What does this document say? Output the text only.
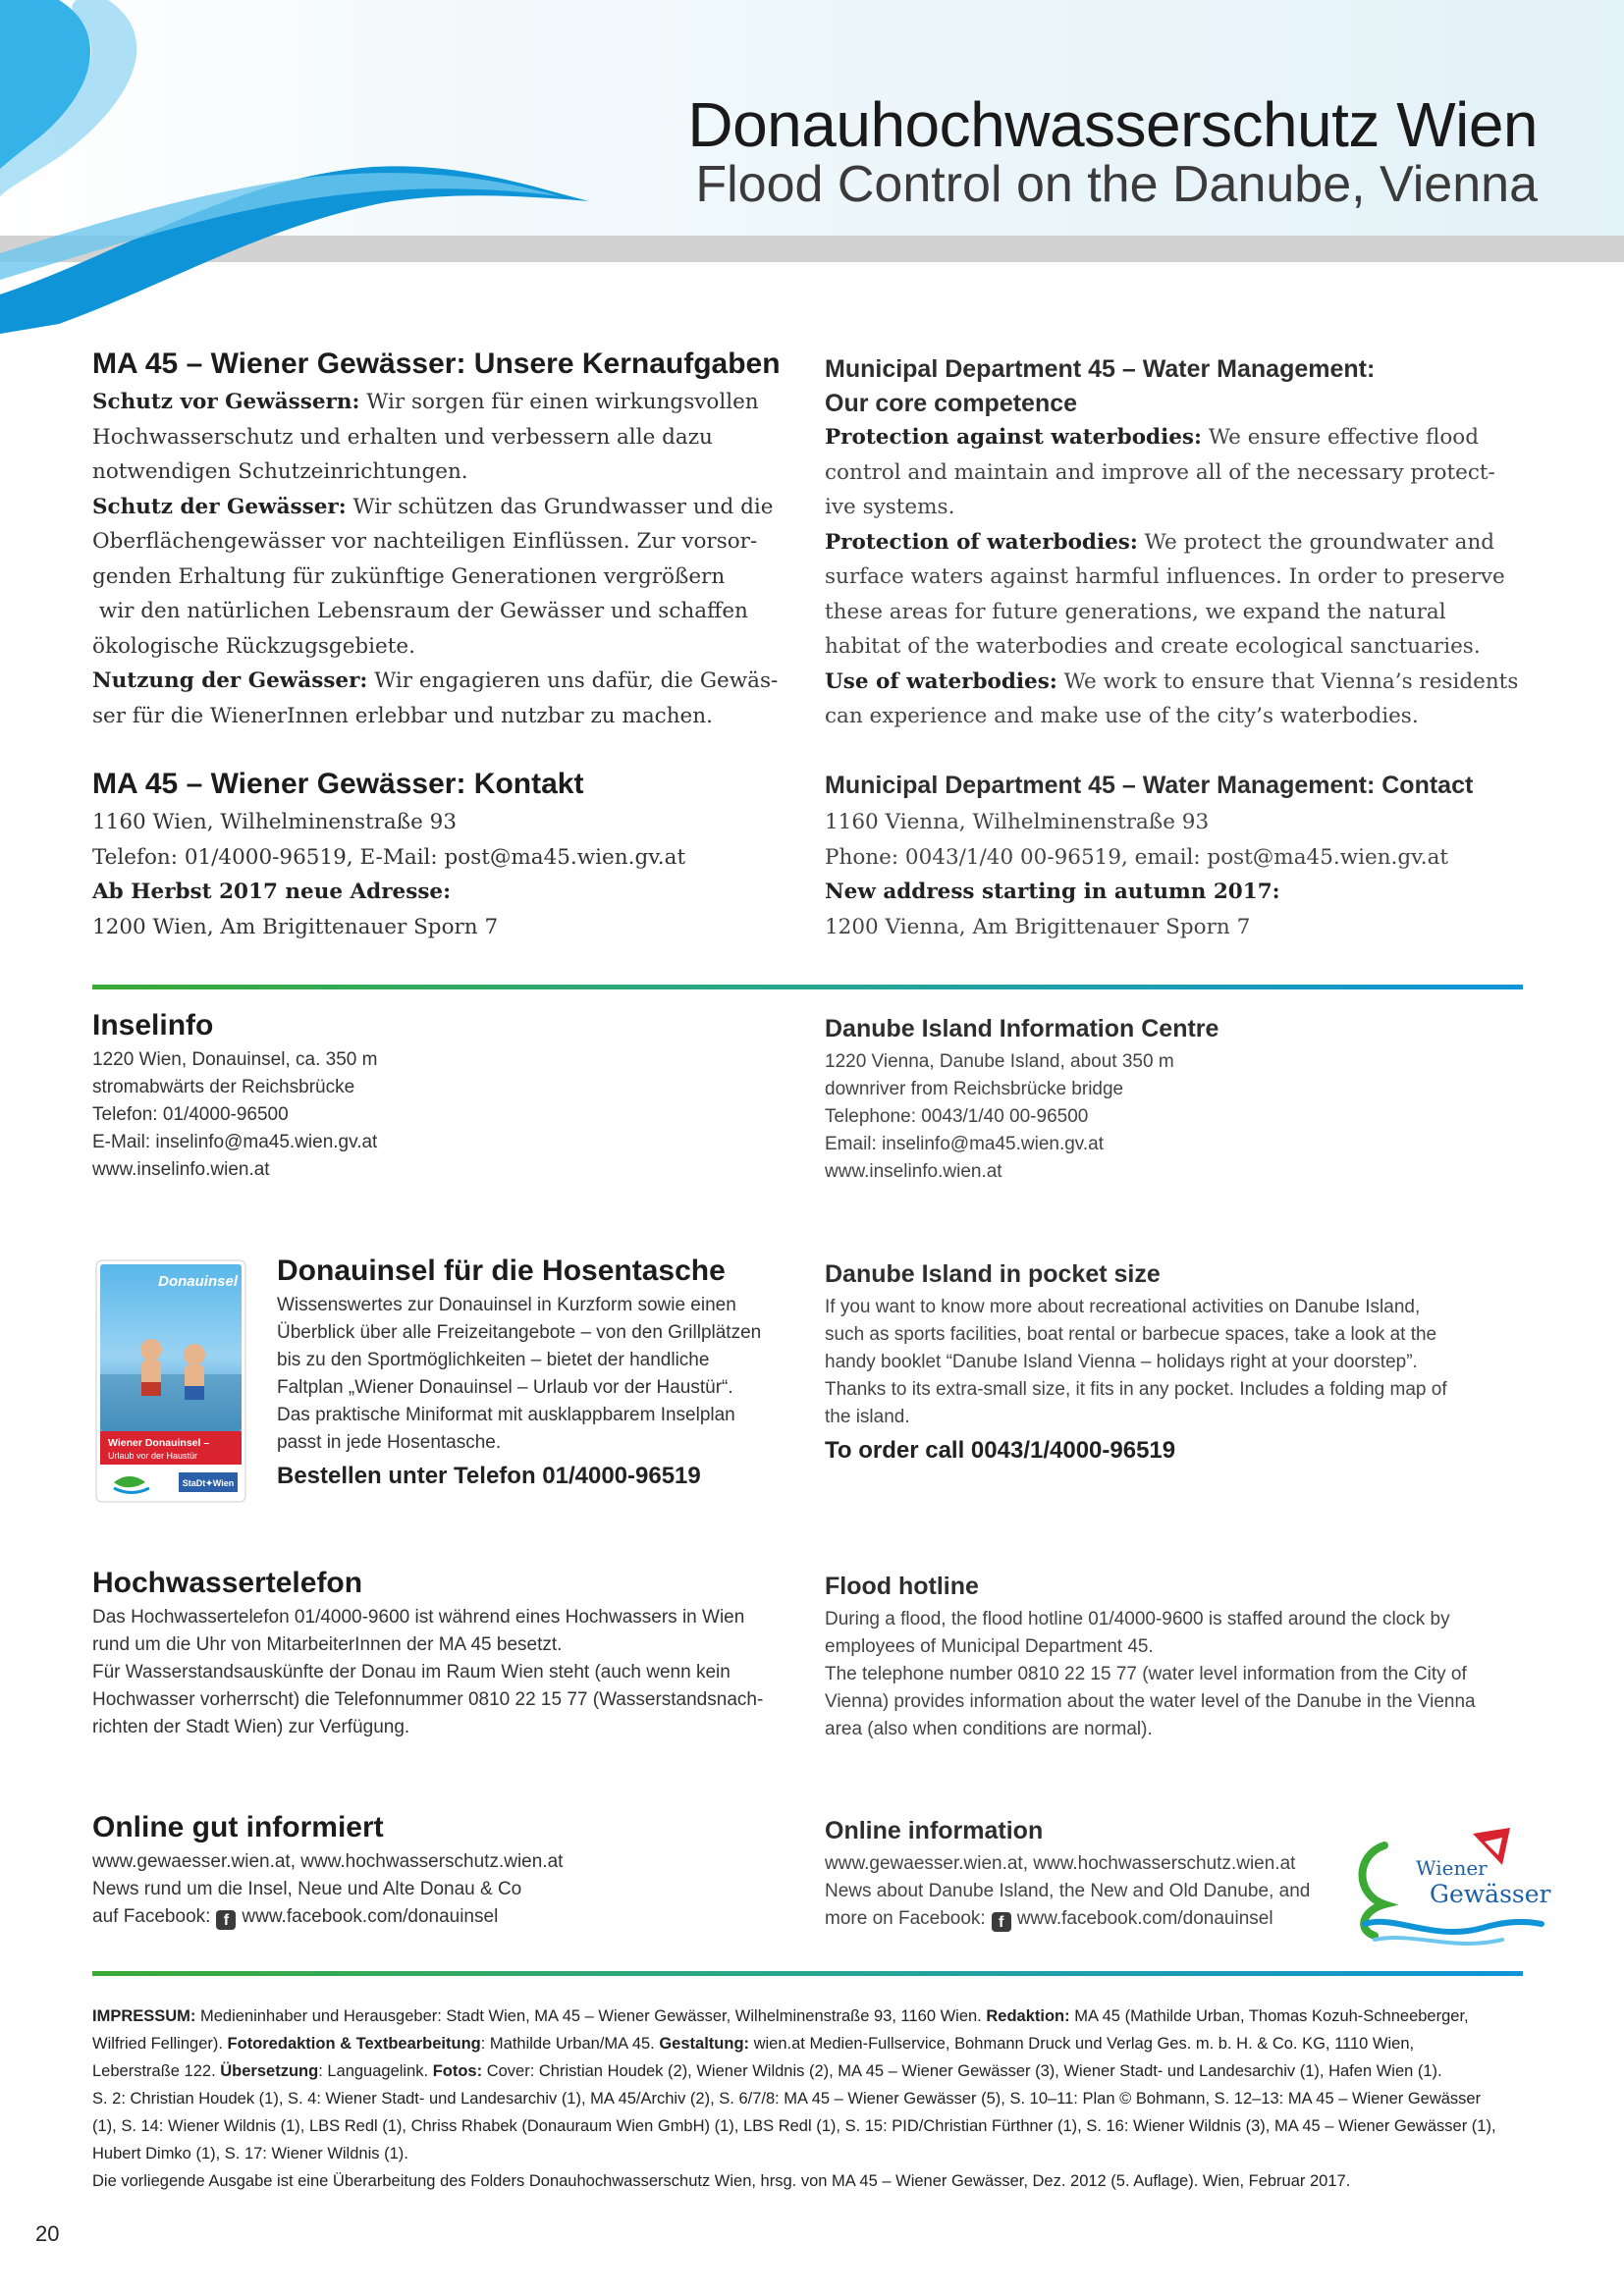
Donauhochwasserschutz Wien
Flood Control on the Danube, Vienna
MA 45 – Wiener Gewässer: Unsere Kernaufgaben
Schutz vor Gewässern: Wir sorgen für einen wirkungsvollen
Hochwasserschutz und erhalten und verbessern alle dazu
notwendigen Schutzeinrichtungen.
Schutz der Gewässer: Wir schützen das Grundwasser und die
Oberflächengewässer vor nachteiligen Einflüssen. Zur vorsor-
genden Erhaltung für zukünftige Generationen vergrößern
wir den natürlichen Lebensraum der Gewässer und schaffen
ökologische Rückzugsgebiete.
Nutzung der Gewässer: Wir engagieren uns dafür, die Gewäs-
ser für die WienerInnen erlebbar und nutzbar zu machen.
Municipal Department 45 – Water Management:
Our core competence
Protection against waterbodies: We ensure effective flood
control and maintain and improve all of the necessary protect-
ive systems.
Protection of waterbodies: We protect the groundwater and
surface waters against harmful influences. In order to preserve
these areas for future generations, we expand the natural
habitat of the waterbodies and create ecological sanctuaries.
Use of waterbodies: We work to ensure that Vienna’s residents
can experience and make use of the city’s waterbodies.
MA 45 – Wiener Gewässer: Kontakt
1160 Wien, Wilhelminenstraße 93
Telefon: 01/4000-96519, E-Mail: post@ma45.wien.gv.at
Ab Herbst 2017 neue Adresse:
1200 Wien, Am Brigittenauer Sporn 7
Municipal Department 45 – Water Management: Contact
1160 Vienna, Wilhelminenstraße 93
Phone: 0043/1/40 00-96519, email: post@ma45.wien.gv.at
New address starting in autumn 2017:
1200 Vienna, Am Brigittenauer Sporn 7
Inselinfo
1220 Wien, Donauinsel, ca. 350 m
stromabwärts der Reichsbrücke
Telefon: 01/4000-96500
E-Mail: inselinfo@ma45.wien.gv.at
www.inselinfo.wien.at
Danube Island Information Centre
1220 Vienna, Danube Island, about 350 m
downriver from Reichsbrücke bridge
Telephone: 0043/1/40 00-96500
Email: inselinfo@ma45.wien.gv.at
www.inselinfo.wien.at
Donauinsel
Wiener Donauinsel –
Urlaub vor der Haustür
StaDt✦Wien
Donauinsel für die Hosentasche
Wissenswertes zur Donauinsel in Kurzform sowie einen
Überblick über alle Freizeitangebote – von den Grillplätzen
bis zu den Sportmöglichkeiten – bietet der handliche
Faltplan „Wiener Donauinsel – Urlaub vor der Haustür“.
Das praktische Miniformat mit ausklappbarem Inselplan
passt in jede Hosentasche.
Bestellen unter Telefon 01/4000-96519
Danube Island in pocket size
If you want to know more about recreational activities on Danube Island,
such as sports facilities, boat rental or barbecue spaces, take a look at the
handy booklet “Danube Island Vienna – holidays right at your doorstep”.
Thanks to its extra-small size, it fits in any pocket. Includes a folding map of
the island.
To order call 0043/1/4000-96519
Hochwassertelefon
Das Hochwassertelefon 01/4000-9600 ist während eines Hochwassers in Wien
rund um die Uhr von MitarbeiterInnen der MA 45 besetzt.
Für Wasserstandsauskünfte der Donau im Raum Wien steht (auch wenn kein
Hochwasser vorherrscht) die Telefonnummer 0810 22 15 77 (Wasserstandsnach-
richten der Stadt Wien) zur Verfügung.
Flood hotline
During a flood, the flood hotline 01/4000-9600 is staffed around the clock by
employees of Municipal Department 45.
The telephone number 0810 22 15 77 (water level information from the City of
Vienna) provides information about the water level of the Danube in the Vienna
area (also when conditions are normal).
Online gut informiert
www.gewaesser.wien.at, www.hochwasserschutz.wien.at
News rund um die Insel, Neue und Alte Donau & Co
auf Facebook: f www.facebook.com/donauinsel
Online information
www.gewaesser.wien.at, www.hochwasserschutz.wien.at
News about Danube Island, the New and Old Danube, and
more on Facebook: f www.facebook.com/donauinsel
Wiener
Gewässer
IMPRESSUM: Medieninhaber und Herausgeber: Stadt Wien, MA 45 – Wiener Gewässer, Wilhelminenstraße 93, 1160 Wien. Redaktion: MA 45 (Mathilde Urban, Thomas Kozuh-Schneeberger,
Wilfried Fellinger). Fotoredaktion & Textbearbeitung: Mathilde Urban/MA 45. Gestaltung: wien.at Medien-Fullservice, Bohmann Druck und Verlag Ges. m. b. H. & Co. KG, 1110 Wien,
Leberstraße 122. Übersetzung: Languagelink. Fotos: Cover: Christian Houdek (2), Wiener Wildnis (2), MA 45 – Wiener Gewässer (3), Wiener Stadt- und Landesarchiv (1), Hafen Wien (1).
S. 2: Christian Houdek (1), S. 4: Wiener Stadt- und Landesarchiv (1), MA 45/Archiv (2), S. 6/7/8: MA 45 – Wiener Gewässer (5), S. 10–11: Plan © Bohmann, S. 12–13: MA 45 – Wiener Gewässer
(1), S. 14: Wiener Wildnis (1), LBS Redl (1), Chriss Rhabek (Donauraum Wien GmbH) (1), LBS Redl (1), S. 15: PID/Christian Fürthner (1), S. 16: Wiener Wildnis (3), MA 45 – Wiener Gewässer (1),
Hubert Dimko (1), S. 17: Wiener Wildnis (1).
Die vorliegende Ausgabe ist eine Überarbeitung des Folders Donauhochwasserschutz Wien, hrsg. von MA 45 – Wiener Gewässer, Dez. 2012 (5. Auflage). Wien, Februar 2017.
20
